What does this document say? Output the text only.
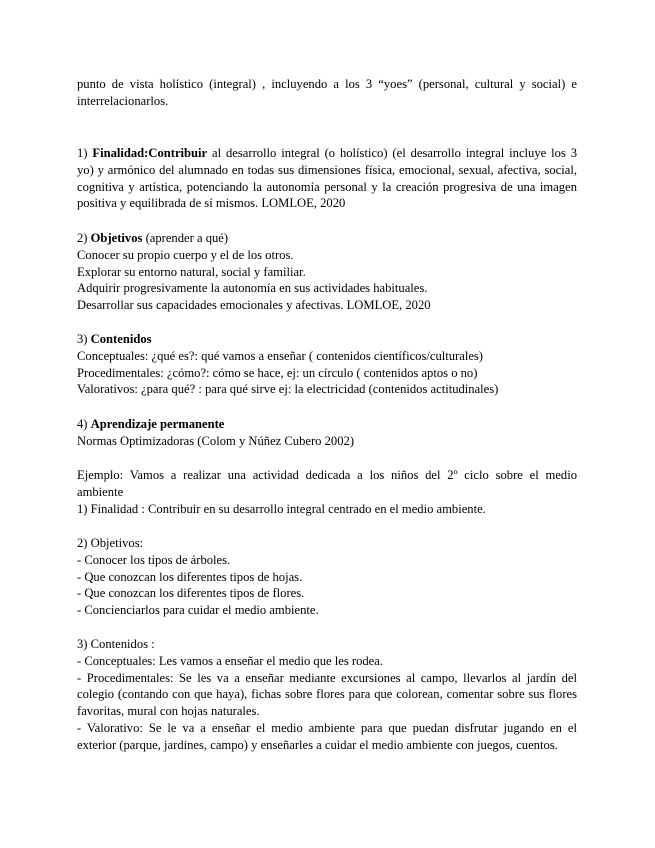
punto de vista holístico (integral) , incluyendo a los 3 “yoes” (personal, cultural y social) e

interrelacionarlos.

1) Finalidad:Contribuir al desarrollo integral (o holístico) (el desarrollo integral incluye los 3

yo) y armónico del alumnado en todas sus dimensiones física, emocional, sexual, afectiva, social,

cognitiva y artística, potenciando la autonomía personal y la creación progresiva de una imagen

positiva y equilibrada de sí mismos. LOMLOE, 2020

2) Objetivos (aprender a qué)

Conocer su propio cuerpo y el de los otros.

Explorar su entorno natural, social y familiar.

Adquirir progresivamente la autonomía en sus actividades habituales.

Desarrollar sus capacidades emocionales y afectivas. LOMLOE, 2020

3) Contenidos

Conceptuales: ¿qué es?: qué vamos a enseñar ( contenidos científicos/culturales)

Procedimentales: ¿cómo?: cómo se hace, ej: un círculo ( contenidos aptos o no)

Valorativos: ¿para qué? : para qué sirve ej: la electricidad (contenidos actitudinales)

4) Aprendizaje permanente

Normas Optimizadoras (Colom y Núñez Cubero 2002)

Ejemplo: Vamos a realizar una actividad dedicada a los niños del 2º ciclo sobre el medio

ambiente

1) Finalidad : Contribuir en su desarrollo integral centrado en el medio ambiente.

2) Objetivos:

- Conocer los tipos de árboles.

- Que conozcan los diferentes tipos de hojas.

- Que conozcan los diferentes tipos de flores.

- Concienciarlos para cuidar el medio ambiente.

3) Contenidos :

- Conceptuales: Les vamos a enseñar el medio que les rodea.

- Procedimentales: Se les va a enseñar mediante excursiones al campo, llevarlos al jardín del

colegio (contando con que haya), fichas sobre flores para que colorean, comentar sobre sus flores

favoritas, mural con hojas naturales.

- Valorativo: Se le va a enseñar el medio ambiente para que puedan disfrutar jugando en el

exterior (parque, jardines, campo) y enseñarles a cuidar el medio ambiente con juegos, cuentos.
